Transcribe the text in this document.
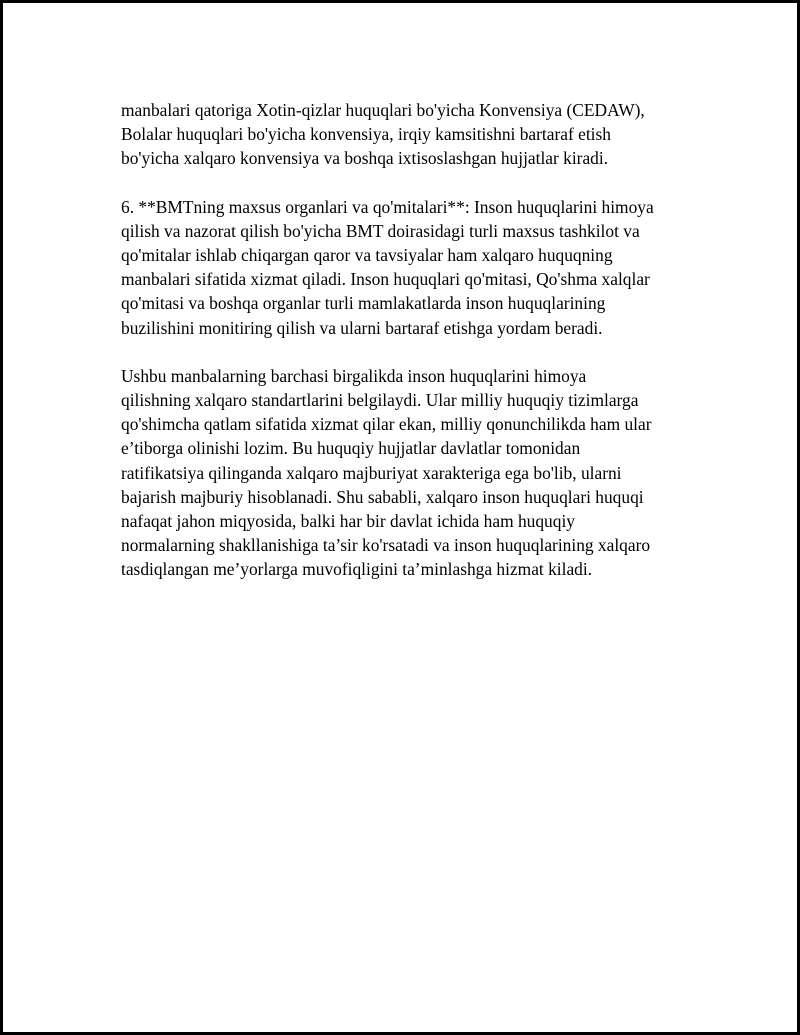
manbalari qatoriga Xotin-qizlar huquqlari bo'yicha Konvensiya (CEDAW),
Bolalar huquqlari bo'yicha konvensiya, irqiy kamsitishni bartaraf etish
bo'yicha xalqaro konvensiya va boshqa ixtisoslashgan hujjatlar kiradi.

6. **BMTning maxsus organlari va qo'mitalari**: Inson huquqlarini himoya
qilish va nazorat qilish bo'yicha BMT doirasidagi turli maxsus tashkilot va
qo'mitalar ishlab chiqargan qaror va tavsiyalar ham xalqaro huquqning
manbalari sifatida xizmat qiladi. Inson huquqlari qo'mitasi, Qo'shma xalqlar
qo'mitasi va boshqa organlar turli mamlakatlarda inson huquqlarining
buzilishini monitiring qilish va ularni bartaraf etishga yordam beradi.

Ushbu manbalarning barchasi birgalikda inson huquqlarini himoya
qilishning xalqaro standartlarini belgilaydi. Ular milliy huquqiy tizimlarga
qo'shimcha qatlam sifatida xizmat qilar ekan, milliy qonunchilikda ham ular
e’tiborga olinishi lozim. Bu huquqiy hujjatlar davlatlar tomonidan
ratifikatsiya qilinganda xalqaro majburiyat xarakteriga ega bo'lib, ularni
bajarish majburiy hisoblanadi. Shu sababli, xalqaro inson huquqlari huquqi
nafaqat jahon miqyosida, balki har bir davlat ichida ham huquqiy
normalarning shakllanishiga ta’sir ko'rsatadi va inson huquqlarining xalqaro
tasdiqlangan me’yorlarga muvofiqligini ta’minlashga hizmat kiladi.
